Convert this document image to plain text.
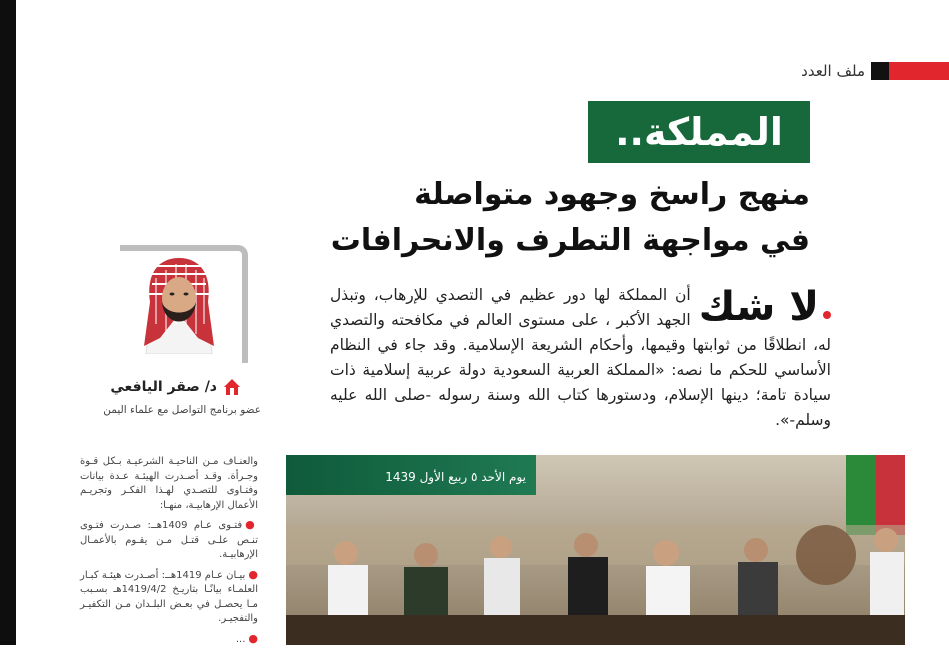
ملف العدد
المملكة..
منهج راسخ وجهود متواصلة
في مواجهة التطرف والانحرافات
لا شك
أن المملكة لها دور عظيم في التصدي للإرهاب، وتبذل الجهد الأكبر ، على مستوى العالم في مكافحته والتصدي له، انطلاقًا من ثوابتها وقيمها، وأحكام الشريعة الإسلامية. وقد جاء في النظام الأساسي للحكم ما نصه: «المملكة العربية السعودية دولة عربية إسلامية ذات سيادة تامة؛ دينها الإسلام، ودستورها كتاب الله وسنة رسوله -صلى الله عليه وسلم-».
د/ صقر اليافعي
عضو برنامج التواصل مع علماء اليمن

والعنـاف مـن الناحيـة الشرعيـة بـكل قـوة وجـرأة. وقـد أصـدرت الهيئـة عـدة بيانات وفتـاوى للتصـدي لهـذا الفكـر وتجريـم الأعمال الإرهابيـة، منهـا:

●فتـوى عـام 1409هــ: صـدرت فتـوى تنـص علـى قتـل مـن يقـوم بالأعمـال الإرهابيـة.

●بيـان عـام 1419هــ: أصـدرت هيئـة كبـار العلمـاء بيانًـا بتاريـخ 1419/4/2هـ بسـبب مـا يحصـل في بعـض البلـدان مـن التكفيـر والتفجيـر.

●...

يوم الأحد ٥ ربيع الأول 1439
